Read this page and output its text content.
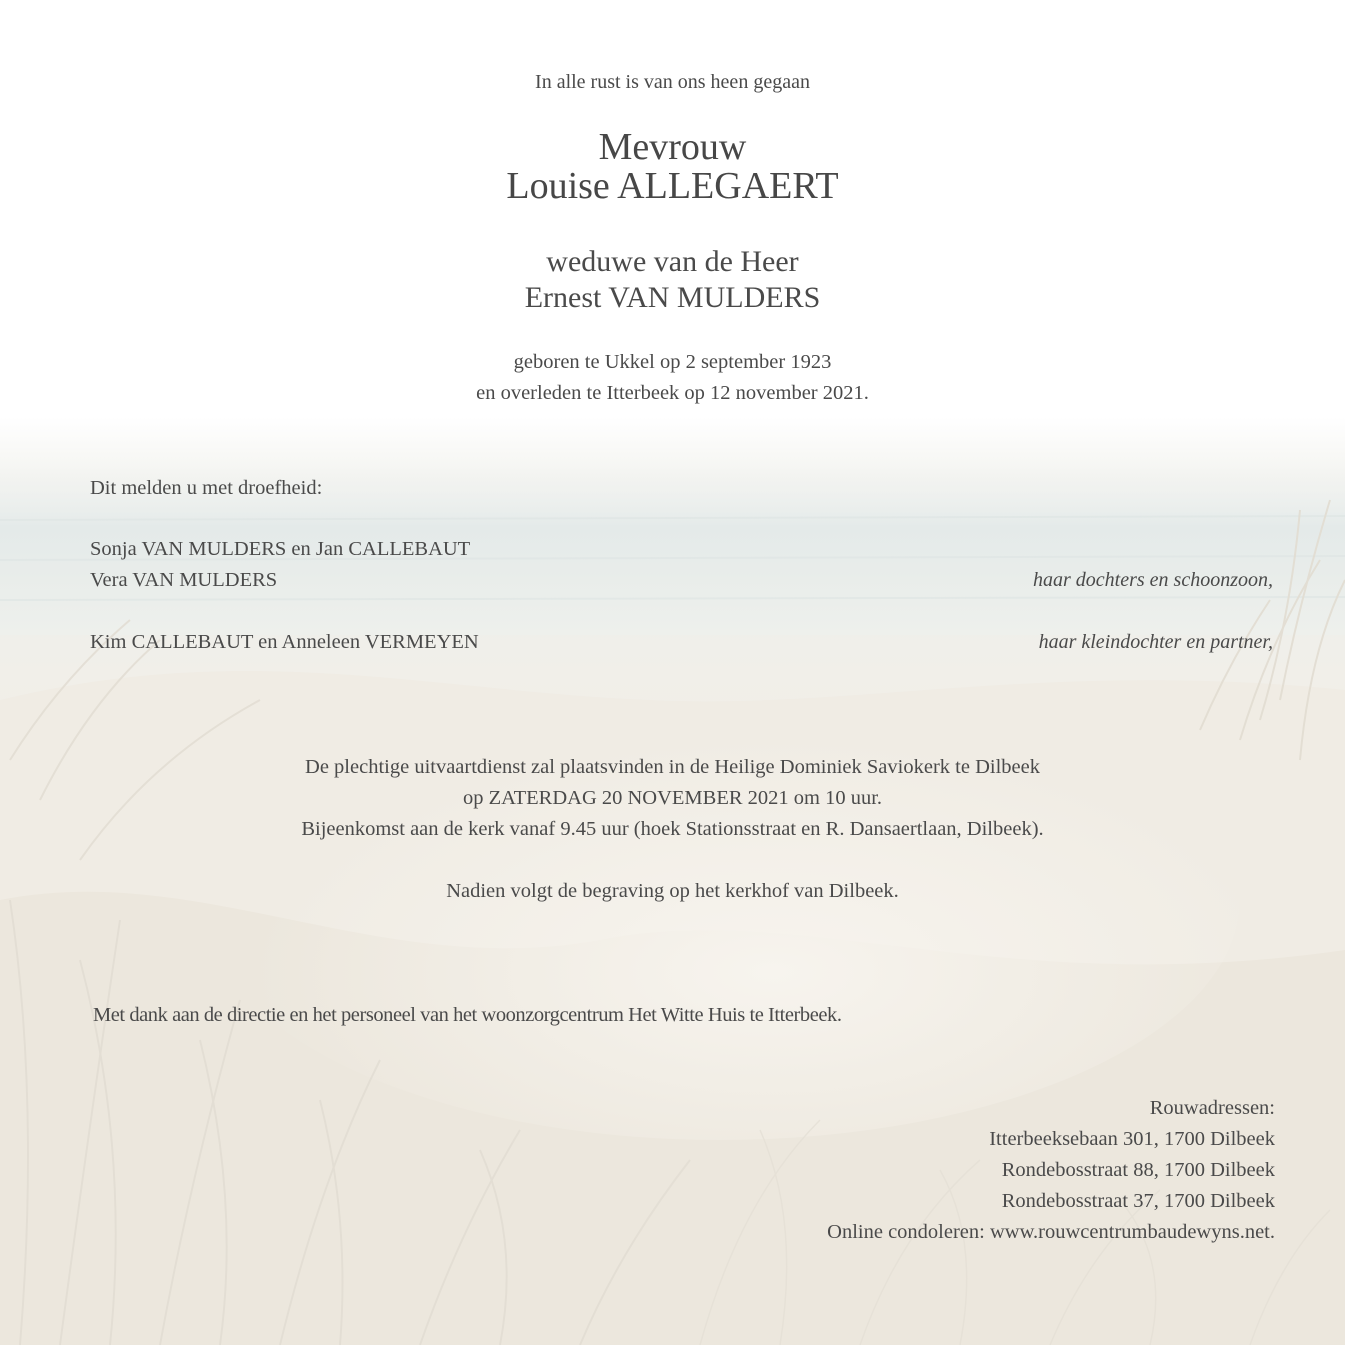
In alle rust is van ons heen gegaan

Mevrouw

Louise ALLEGAERT

weduwe van de Heer

Ernest VAN MULDERS

geboren te Ukkel op 2 september 1923

en overleden te Itterbeek op 12 november 2021.

Dit melden u met droefheid:

Sonja VAN MULDERS en Jan CALLEBAUT

Vera VAN MULDERS	haar dochters en schoonzoon,

Kim CALLEBAUT en Anneleen VERMEYEN	haar kleindochter en partner,

De plechtige uitvaartdienst zal plaatsvinden in de Heilige Dominiek Saviokerk te Dilbeek

op ZATERDAG 20 NOVEMBER 2021 om 10 uur.

Bijeenkomst aan de kerk vanaf 9.45 uur (hoek Stationsstraat en R. Dansaertlaan, Dilbeek).

Nadien volgt de begraving op het kerkhof van Dilbeek.

Met dank aan de directie en het personeel van het woonzorgcentrum Het Witte Huis te Itterbeek.

Rouwadressen:

Itterbeeksebaan 301, 1700 Dilbeek

Rondebosstraat 88, 1700 Dilbeek

Rondebosstraat 37, 1700 Dilbeek

Online condoleren: www.rouwcentrumbaudewyns.net.
